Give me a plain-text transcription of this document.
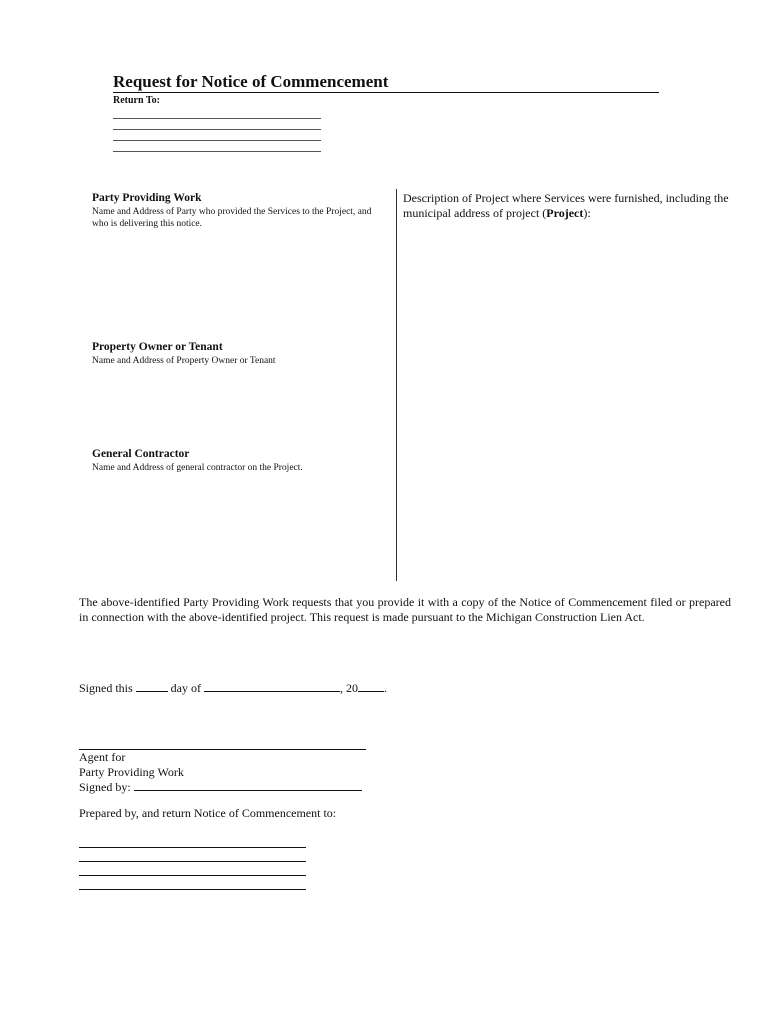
Request for Notice of Commencement
Return To:
Party Providing Work
Name and Address of Party who provided the Services to the Project, and who is delivering this notice.
Property Owner or Tenant
Name and Address of Property Owner or Tenant
General Contractor
Name and Address of general contractor on the Project.
Description of Project where Services were furnished, including the municipal address of project (Project):
The above-identified Party Providing Work requests that you provide it with a copy of the Notice of Commencement filed or prepared in connection with the above-identified project. This request is made pursuant to the Michigan Construction Lien Act.
Signed this	day of	, 20 .
Agent for
Party Providing Work
Signed by:
Prepared by, and return Notice of Commencement to:
